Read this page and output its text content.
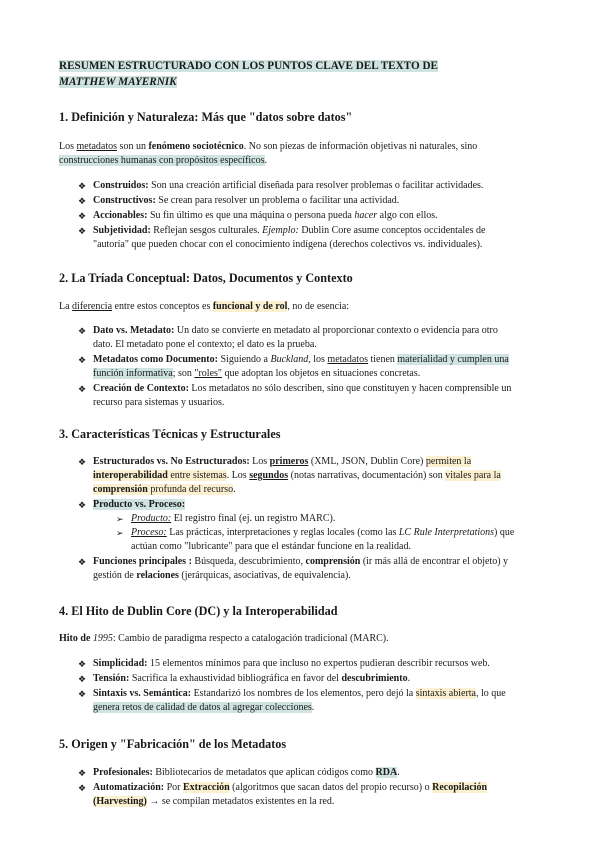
RESUMEN ESTRUCTURADO CON LOS PUNTOS CLAVE DEL TEXTO DE
MATTHEW MAYERNIK
1. Definición y Naturaleza: Más que "datos sobre datos"

Los metadatos son un fenómeno sociotécnico. No son piezas de información objetivas ni naturales, sino construcciones humanas con propósitos específicos.

❖ Construidos: Son una creación artificial diseñada para resolver problemas o facilitar actividades.
❖ Constructivos: Se crean para resolver un problema o facilitar una actividad.
❖ Accionables: Su fin último es que una máquina o persona pueda hacer algo con ellos.
❖ Subjetividad: Reflejan sesgos culturales. Ejemplo: Dublin Core asume conceptos occidentales de "autoría" que pueden chocar con el conocimiento indígena (derechos colectivos vs. individuales).
2. La Tríada Conceptual: Datos, Documentos y Contexto

La diferencia entre estos conceptos es funcional y de rol, no de esencia:

❖ Dato vs. Metadato: Un dato se convierte en metadato al proporcionar contexto o evidencia para otro dato. El metadato pone el contexto; el dato es la prueba.
❖ Metadatos como Documento: Siguiendo a Buckland, los metadatos tienen materialidad y cumplen una función informativa; son "roles" que adoptan los objetos en situaciones concretas.
❖ Creación de Contexto: Los metadatos no sólo describen, sino que constituyen y hacen comprensible un recurso para sistemas y usuarios.
3. Características Técnicas y Estructurales
❖ Estructurados vs. No Estructurados: Los primeros (XML, JSON, Dublin Core) permiten la interoperabilidad entre sistemas. Los segundos (notas narrativas, documentación) son vitales para la comprensión profunda del recurso.
❖ Producto vs. Proceso:
➢ Producto: El registro final (ej. un registro MARC).
➢ Proceso: Las prácticas, interpretaciones y reglas locales (como las LC Rule Interpretations) que actúan como "lubricante" para que el estándar funcione en la realidad.
❖ Funciones principales : Búsqueda, descubrimiento, comprensión (ir más allá de encontrar el objeto) y gestión de relaciones (jerárquicas, asociativas, de equivalencia).
4. El Hito de Dublin Core (DC) y la Interoperabilidad

Hito de 1995: Cambio de paradigma respecto a catalogación tradicional (MARC).

❖ Simplicidad: 15 elementos mínimos para que incluso no expertos pudieran describir recursos web.
❖ Tensión: Sacrifica la exhaustividad bibliográfica en favor del descubrimiento.
❖ Sintaxis vs. Semántica: Estandarizó los nombres de los elementos, pero dejó la sintaxis abierta, lo que genera retos de calidad de datos al agregar colecciones.
5. Origen y "Fabricación" de los Metadatos
❖ Profesionales: Bibliotecarios de metadatos que aplican códigos como RDA.
❖ Automatización: Por Extracción (algoritmos que sacan datos del propio recurso) o Recopilación (Harvesting) → se compilan metadatos existentes en la red.
